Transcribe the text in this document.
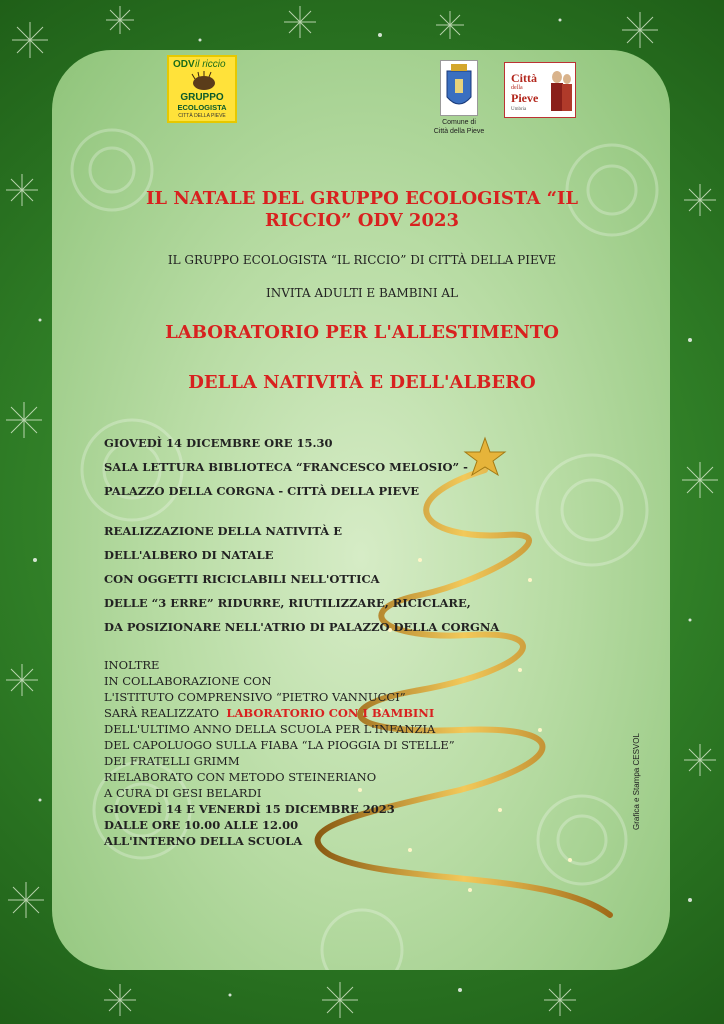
ODV il riccio
GRUPPO
ECOLOGISTA
CITTÀ DELLA PIEVE
Comune di
Città della Pieve
Città
della
Pieve
Umbria
IL NATALE DEL GRUPPO ECOLOGISTA “IL
RICCIO” ODV 2023
IL GRUPPO ECOLOGISTA “IL RICCIO” DI CITTÀ DELLA PIEVE
INVITA ADULTI E BAMBINI AL
LABORATORIO PER L'ALLESTIMENTO
DELLA NATIVITÀ E DELL'ALBERO
GIOVEDÌ 14 DICEMBRE ORE 15.30
SALA LETTURA BIBLIOTECA “FRANCESCO MELOSIO” -
PALAZZO DELLA CORGNA - CITTÀ DELLA PIEVE
REALIZZAZIONE DELLA NATIVITÀ E
DELL'ALBERO DI NATALE
CON OGGETTI RICICLABILI NELL'OTTICA
DELLE “3 ERRE” RIDURRE, RIUTILIZZARE, RICICLARE,
DA POSIZIONARE NELL'ATRIO DI PALAZZO DELLA CORGNA
INOLTRE
IN COLLABORAZIONE CON
L'ISTITUTO COMPRENSIVO “PIETRO VANNUCCI”
SARÀ REALIZZATO LABORATORIO CON I BAMBINI
DELL'ULTIMO ANNO DELLA SCUOLA PER L'INFANZIA
DEL CAPOLUOGO SULLA FIABA “LA PIOGGIA DI STELLE”
DEI FRATELLI GRIMM
RIELABORATO CON METODO STEINERIANO
A CURA DI GESI BELARDI
GIOVEDÌ 14 E VENERDÌ 15 DICEMBRE 2023
DALLE ORE 10.00 ALLE 12.00
ALL'INTERNO DELLA SCUOLA
Grafica e Stampa CESVOL
